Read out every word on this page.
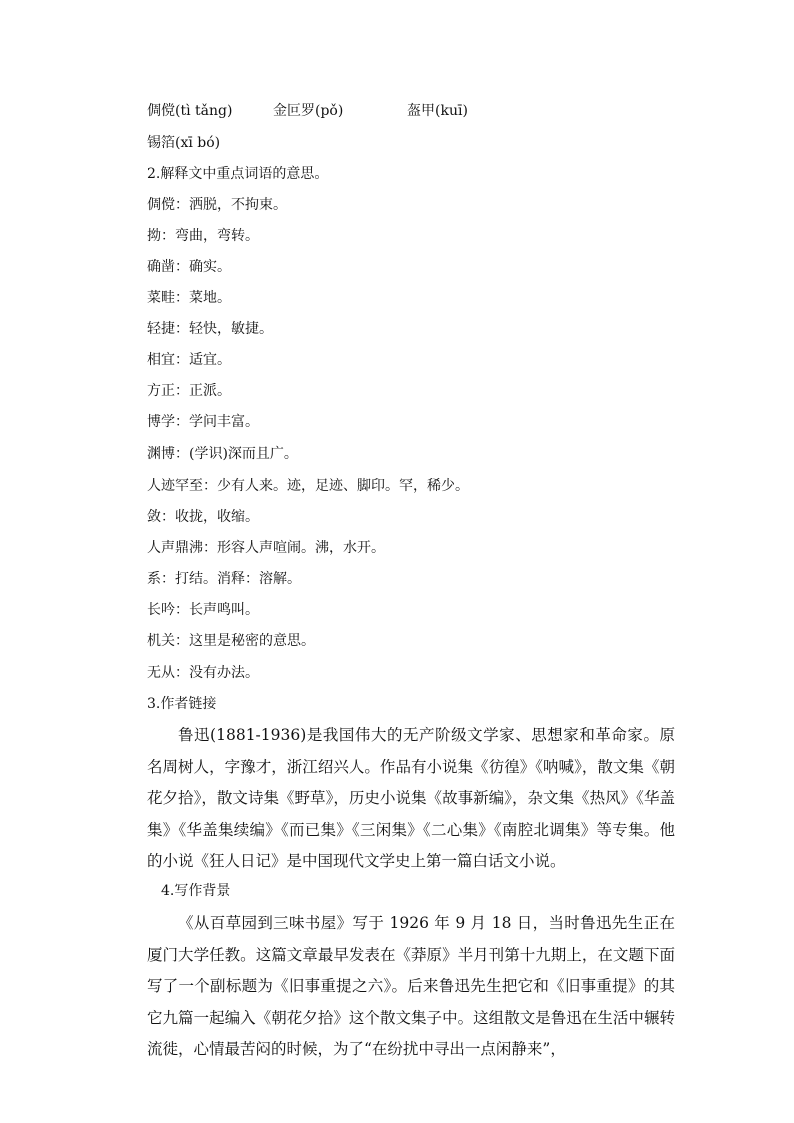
倜傥(tì tǎng)	金叵罗(pǒ)	盔甲(kuī)
锡箔(xī bó)
2.解释文中重点词语的意思。
倜傥：洒脱，不拘束。
拗：弯曲，弯转。
确凿：确实。
菜畦：菜地。
轻捷：轻快，敏捷。
相宜：适宜。
方正：正派。
博学：学问丰富。
渊博：(学识)深而且广。
人迹罕至：少有人来。迹，足迹、脚印。罕，稀少。
敛：收拢，收缩。
人声鼎沸：形容人声喧闹。沸，水开。
系：打结。消释：溶解。
长吟：长声鸣叫。
机关：这里是秘密的意思。
无从：没有办法。
3.作者链接
鲁迅(1881-1936)是我国伟大的无产阶级文学家、思想家和革命家。原名周树人，字豫才，浙江绍兴人。作品有小说集《彷徨》《呐喊》，散文集《朝花夕拾》，散文诗集《野草》，历史小说集《故事新编》，杂文集《热风》《华盖集》《华盖集续编》《而已集》《三闲集》《二心集》《南腔北调集》等专集。他的小说《狂人日记》是中国现代文学史上第一篇白话文小说。
4.写作背景
《从百草园到三味书屋》写于 1926 年 9 月 18 日，当时鲁迅先生正在厦门大学任教。这篇文章最早发表在《莽原》半月刊第十九期上，在文题下面写了一个副标题为《旧事重提之六》。后来鲁迅先生把它和《旧事重提》的其它九篇一起编入《朝花夕拾》这个散文集子中。这组散文是鲁迅在生活中辗转流徙，心情最苦闷的时候，为了“在纷扰中寻出一点闲静来”，
